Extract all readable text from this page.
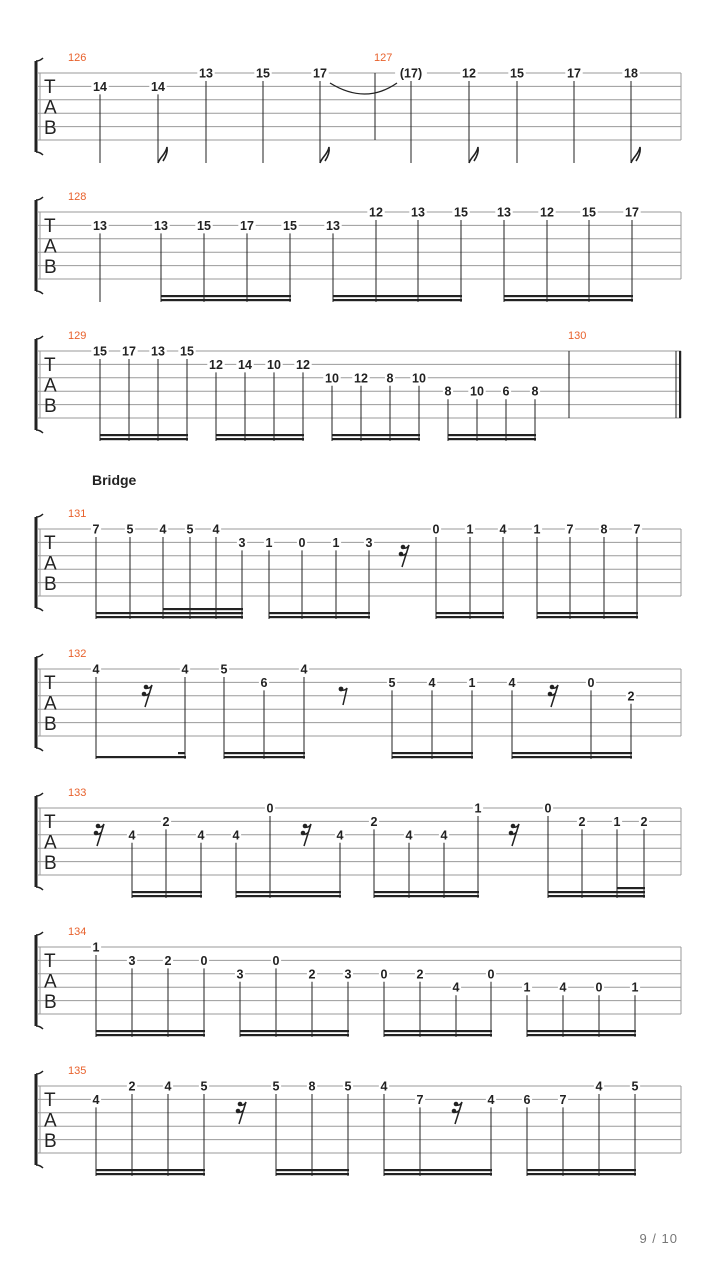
T
A
B
126	127
14	14
13	15	17	(17)	12	15	17	18
T
A
B
128
13	13 15 17 15 13
12 13 15 13 12 15 17
T
A
B
129	130
15 17 13 15
12 14 10 12
10 12 8 10
8 10 6 8
T
A
B
131
Bridge
7 5 4 5 4
3 1 0 1 3
0 1 4 1 7 8 7
T
A
B
132
4	4	5
6
4
5	4	1	4	0
2
T
A
B
133
4
2
4 4
0
4
2
4 4
1	0
2 1 2
T
A
B
134
1
3 2 0
3
0
2 3 0 2
4
0
1 4 0 1
T
A
B
135
4
2 4 5	5 8 5 4
7	4 6 7
4 5
9 / 10
